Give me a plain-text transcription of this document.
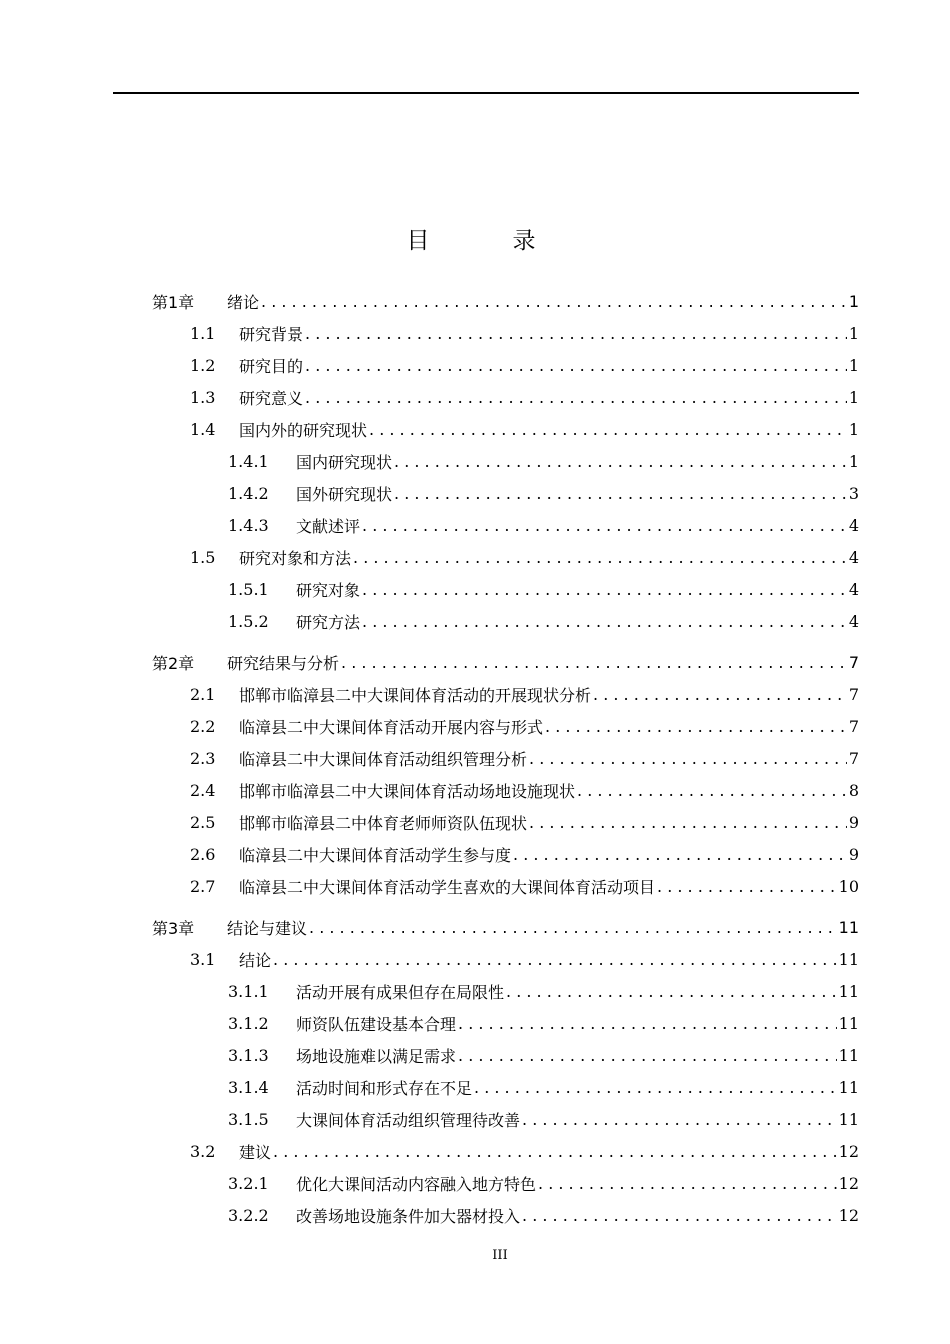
目　录
第1章 绪论 . . .	1
1.1 研究背景 . . .	1
1.2 研究目的 . . .	1
1.3 研究意义 . . .	1
1.4 国内外的研究现状 . . .	1
1.4.1 国内研究现状 . . .	1
1.4.2 国外研究现状 . . .	3
1.4.3 文献述评 . . .	4
1.5 研究对象和方法 . . .	4
1.5.1 研究对象 . . .	4
1.5.2 研究方法 . . .	4
第2章 研究结果与分析 . . .	7
2.1 邯郸市临漳县二中大课间体育活动的开展现状分析 . . .	7
2.2 临漳县二中大课间体育活动开展内容与形式 . . .	7
2.3 临漳县二中大课间体育活动组织管理分析 . . .	7
2.4 邯郸市临漳县二中大课间体育活动场地设施现状 . . .	8
2.5 邯郸市临漳县二中体育老师师资队伍现状 . . .	9
2.6 临漳县二中大课间体育活动学生参与度 . . .	9
2.7 临漳县二中大课间体育活动学生喜欢的大课间体育活动项目 . . .	10
第3章 结论与建议 . . .	11
3.1 结论 . . .	11
3.1.1 活动开展有成果但存在局限性 . . .	11
3.1.2 师资队伍建设基本合理 . . .	11
3.1.3 场地设施难以满足需求 . . .	11
3.1.4 活动时间和形式存在不足 . . .	11
3.1.5 大课间体育活动组织管理待改善 . . .	11
3.2 建议 . . .	12
3.2.1 优化大课间活动内容融入地方特色 . . .	12
3.2.2 改善场地设施条件加大器材投入 . . .	12
III
